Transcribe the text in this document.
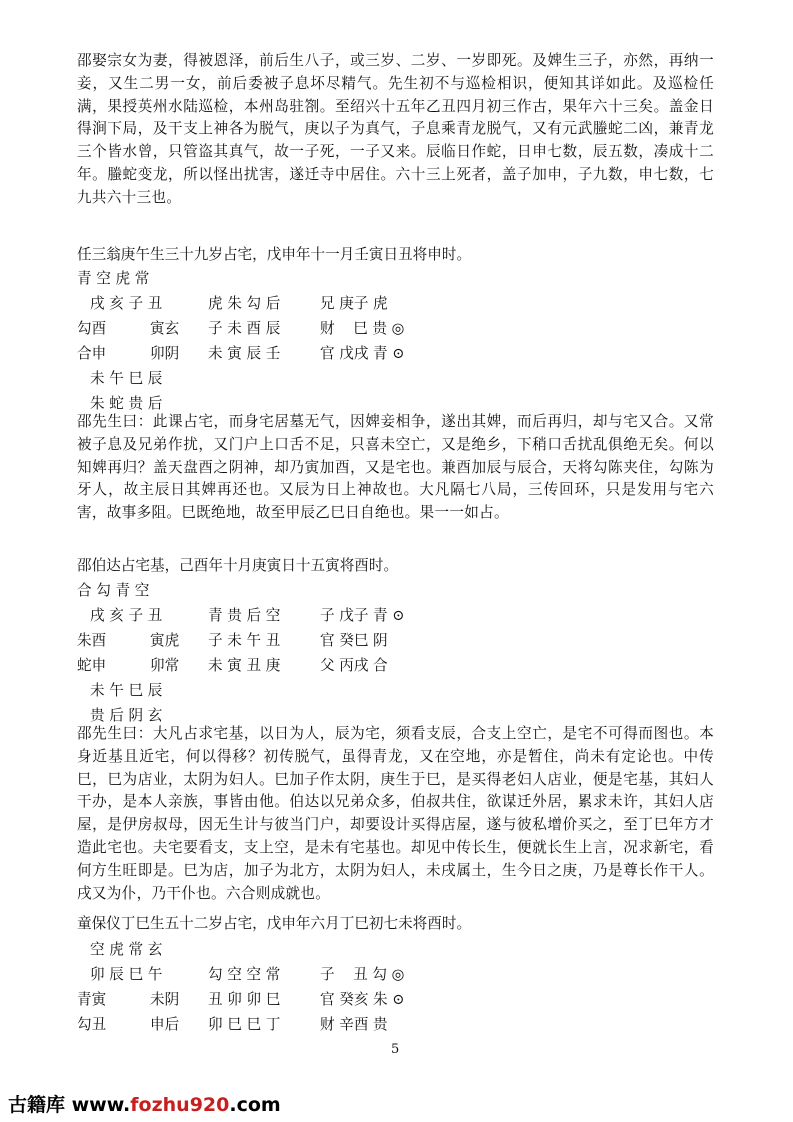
邵娶宗女为妻，得被恩泽，前后生八子，或三岁、二岁、一岁即死。及婢生三子，亦然，再纳一妾，又生二男一女，前后委被子息坏尽精气。先生初不与巡检相识，便知其详如此。及巡检任满，果授英州水陆巡检，本州岛驻劄。至绍兴十五年乙丑四月初三作古，果年六十三矣。盖金日得涧下局，及干支上神各为脱气，庚以子为真气，子息乘青龙脱气，又有元武螣蛇二凶，兼青龙三个皆水曾，只管盗其真气，故一子死，一子又来。辰临日作蛇，日申七数，辰五数，凑成十二年。螣蛇变龙，所以怪出扰害，遂迁寺中居住。六十三上死者，盖子加申，子九数，申七数，七九共六十三也。

任三翁庚午生三十九岁占宅，戊申年十一月壬寅日丑将申时。

青 空 虎 常

戌 亥 子 丑	虎 朱 勾 后	兄 庚子 虎
勾酉	寅玄 子 未 酉 辰	财    巳 贵 ◎
合申	卯阴 未 寅 辰 壬	官 戊戌 青 ⊙
未 午 巳 辰
朱 蛇 贵 后

邵先生曰：此课占宅，而身宅居墓无气，因婢妾相争，遂出其婢，而后再归，却与宅又合。又常被子息及兄弟作扰，又门户上口舌不足，只喜未空亡，又是绝乡，下稍口舌扰乱俱绝无矣。何以知婢再归？盖天盘酉之阴神，却乃寅加酉，又是宅也。兼酉加辰与辰合，天将勾陈夹住，勾陈为牙人，故主辰日其婢再还也。又辰为日上神故也。大凡隔七八局，三传回环，只是发用与宅六害，故事多阻。巳既绝地，故至甲辰乙巳日自绝也。果一一如占。

邵伯达占宅基，己酉年十月庚寅日十五寅将酉时。

合 勾 青 空

戌 亥 子 丑	青 贵 后 空	子 戊子 青 ⊙
朱酉	寅虎 子 未 午 丑	官 癸巳 阴
蛇申	卯常 未 寅 丑 庚	父 丙戌 合
未 午 巳 辰
贵 后 阴 玄

邵先生曰：大凡占求宅基，以日为人，辰为宅，须看支辰，合支上空亡，是宅不可得而图也。本身近基且近宅，何以得移？初传脱气，虽得青龙，又在空地，亦是暂住，尚未有定论也。中传巳，巳为店业，太阴为妇人。巳加子作太阴，庚生于巳，是买得老妇人店业，便是宅基，其妇人干办，是本人亲族，事皆由他。伯达以兄弟众多，伯叔共住，欲谋迁外居，累求未许，其妇人店屋，是伊房叔母，因无生计与彼当门户，却要设计买得店屋，遂与彼私增价买之，至丁巳年方才造此宅也。夫宅要看支，支上空，是未有宅基也。却见中传长生，便就长生上言，况求新宅，看何方生旺即是。巳为店，加子为北方，太阴为妇人，未戌属土，生今日之庚，乃是尊长作干人。戌又为仆，乃干仆也。六合则成就也。

童保仪丁巳生五十二岁占宅，戊申年六月丁巳初七未将酉时。

空 虎 常 玄

卯 辰 巳 午	勾 空 空 常	子    丑 勾 ◎
青寅	未阴 丑 卯 卯 巳	官 癸亥 朱 ⊙
勾丑	申后 卯 巳 巳 丁	财 辛酉 贵
5
古籍库 www.fozhu920.com
